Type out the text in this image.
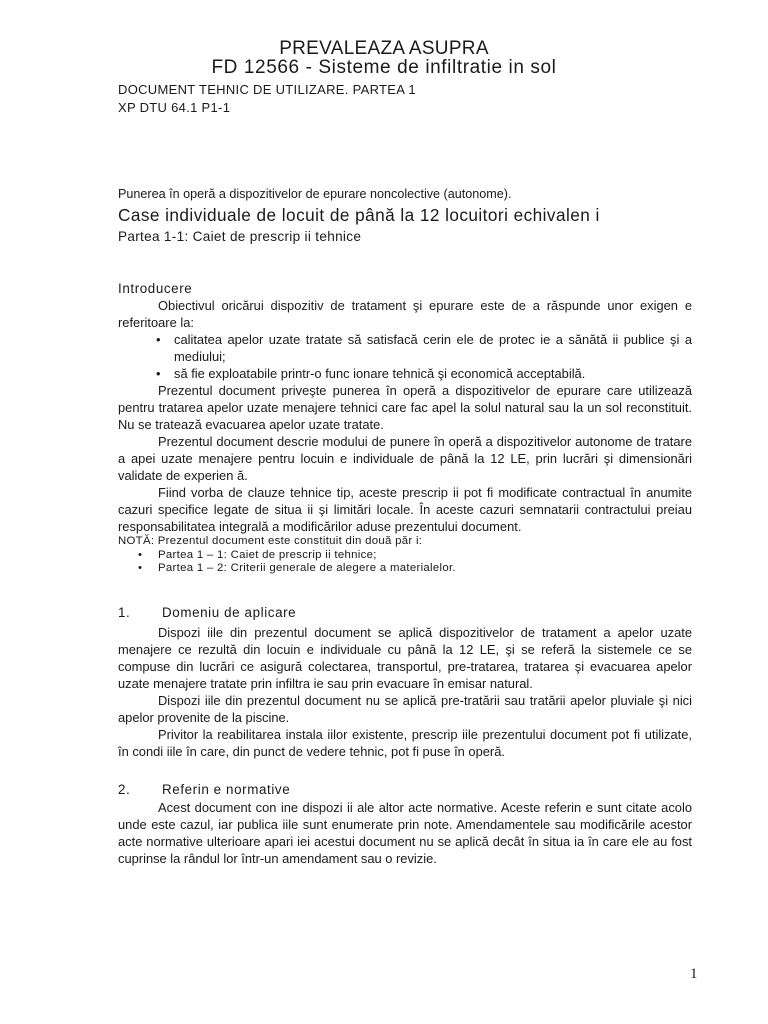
PREVALEAZA ASUPRA
FD 12566 - Sisteme de infiltratie in sol
DOCUMENT TEHNIC DE UTILIZARE. PARTEA 1
XP DTU 64.1 P1-1
Punerea în operă a dispozitivelor de epurare noncolective (autonome).
Case individuale de locuit de până la 12 locuitori echivalen i
Partea 1-1: Caiet de prescrip ii tehnice
Introducere

Obiectivul oricărui dispozitiv de tratament şi epurare este de a răspunde unor exigen e referitoare la:

• calitatea apelor uzate tratate să satisfacă cerin ele de protec ie a sănătă ii publice şi a mediului;
• să fie exploatabile printr-o func ionare tehnică şi economică acceptabilă.

Prezentul document priveşte punerea în operă a dispozitivelor de epurare care utilizează pentru tratarea apelor uzate menajere tehnici care fac apel la solul natural sau la un sol reconstituit. Nu se tratează evacuarea apelor uzate tratate.

Prezentul document descrie modului de punere în operă a dispozitivelor autonome de tratare a apei uzate menajere pentru locuin e individuale de până la 12 LE, prin lucrări şi dimensionări validate de experien ă.

Fiind vorba de clauze tehnice tip, aceste prescrip ii pot fi modificate contractual în anumite cazuri specifice legate de situa ii şi limitări locale. În aceste cazuri semnatarii contractului preiau responsabilitatea integrală a modificărilor aduse prezentului document.

NOTĂ: Prezentul document este constituit din două păr i:
• Partea 1 – 1: Caiet de prescrip ii tehnice;
• Partea 1 – 2: Criterii generale de alegere a materialelor.
1. Domeniu de aplicare

Dispozi iile din prezentul document se aplică dispozitivelor de tratament a apelor uzate menajere ce rezultă din locuin e individuale cu până la 12 LE, şi se referă la sistemele ce se compuse din lucrări ce asigură colectarea, transportul, pre-tratarea, tratarea şi evacuarea apelor uzate menajere tratate prin infiltra ie sau prin evacuare în emisar natural.

Dispozi iile din prezentul document nu se aplică pre-tratării sau tratării apelor pluviale şi nici apelor provenite de la piscine.

Privitor la reabilitarea instala iilor existente, prescrip iile prezentului document pot fi utilizate, în condi iile în care, din punct de vedere tehnic, pot fi puse în operă.

2. Referin e normative

Acest document con ine dispozi ii ale altor acte normative. Aceste referin e sunt citate acolo unde este cazul, iar publica iile sunt enumerate prin note. Amendamentele sau modificările acestor acte normative ulterioare apari iei acestui document nu se aplică decât în situa ia în care ele au fost cuprinse la rândul lor într-un amendament sau o revizie.

1
